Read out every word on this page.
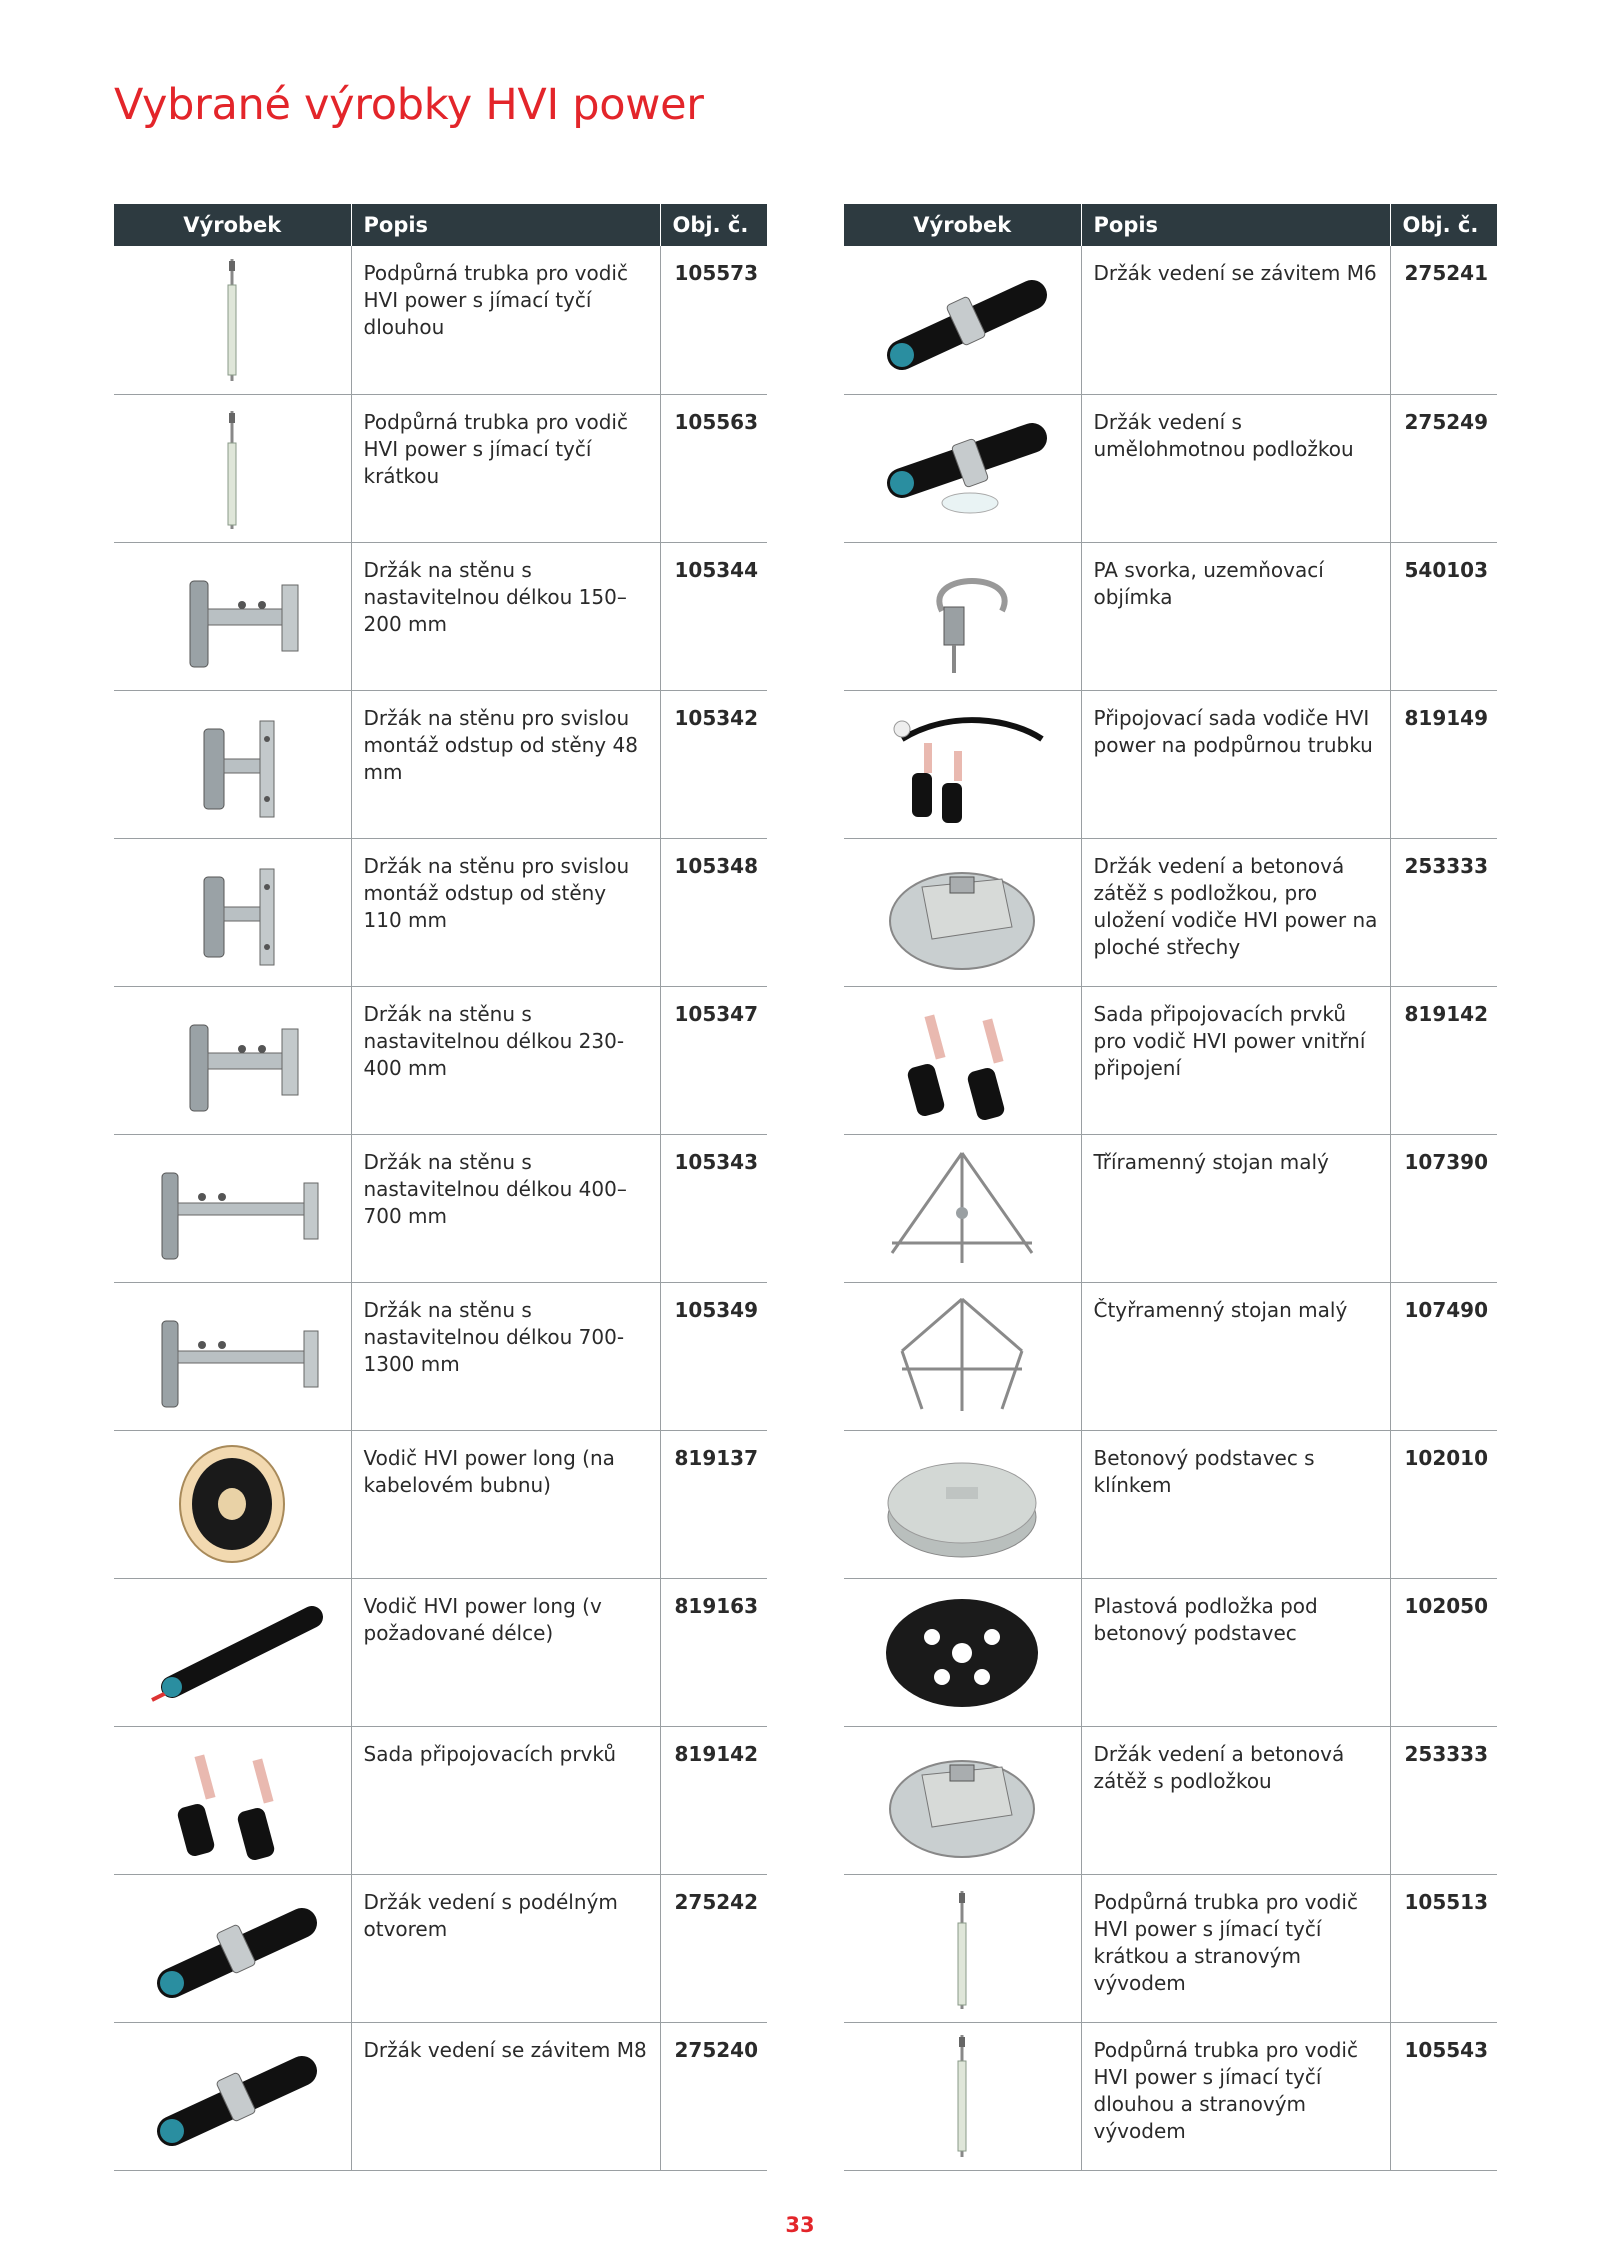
Vybrané výrobky HVI power
Výrobek	Popis	Obj. č.

	Podpůrná trubka pro vodič HVI power s jímací tyčí dlouhou	105573

	Podpůrná trubka pro vodič HVI power s jímací tyčí krátkou	105563

	Držák na stěnu s nastavitelnou délkou 150–200 mm	105344

	Držák na stěnu pro svislou montáž odstup od stěny 48 mm	105342

	Držák na stěnu pro svislou montáž odstup od stěny 110 mm	105348

	Držák na stěnu s nastavitelnou délkou 230-400 mm	105347

	Držák na stěnu s nastavitelnou délkou 400–700 mm	105343

	Držák na stěnu s nastavitelnou délkou 700-1300 mm	105349

	Vodič HVI power long (na kabelovém bubnu)	819137

	Vodič HVI power long (v požadované délce)	819163

	Sada připojovacích prvků	819142

	Držák vedení s podélným otvorem	275242

	Držák vedení se závitem M8	275240
Výrobek	Popis	Obj. č.

	Držák vedení se závitem M6	275241

	Držák vedení s umělohmotnou podložkou	275249

	PA svorka, uzemňovací objímka	540103

	Připojovací sada vodiče HVI power na podpůrnou trubku	819149

	Držák vedení a betonová zátěž s podložkou, pro uložení vodiče HVI power na ploché střechy	253333

	Sada připojovacích prvků pro vodič HVI power vnitřní připojení	819142

	Tříramenný stojan malý	107390

	Čtyřramenný stojan malý	107490

	Betonový podstavec s klínkem	102010

	Plastová podložka pod betonový podstavec	102050

	Držák vedení a betonová zátěž s podložkou	253333

	Podpůrná trubka pro vodič HVI power s jímací tyčí krátkou a stranovým vývodem	105513

	Podpůrná trubka pro vodič HVI power s jímací tyčí dlouhou a stranovým vývodem	105543
33
